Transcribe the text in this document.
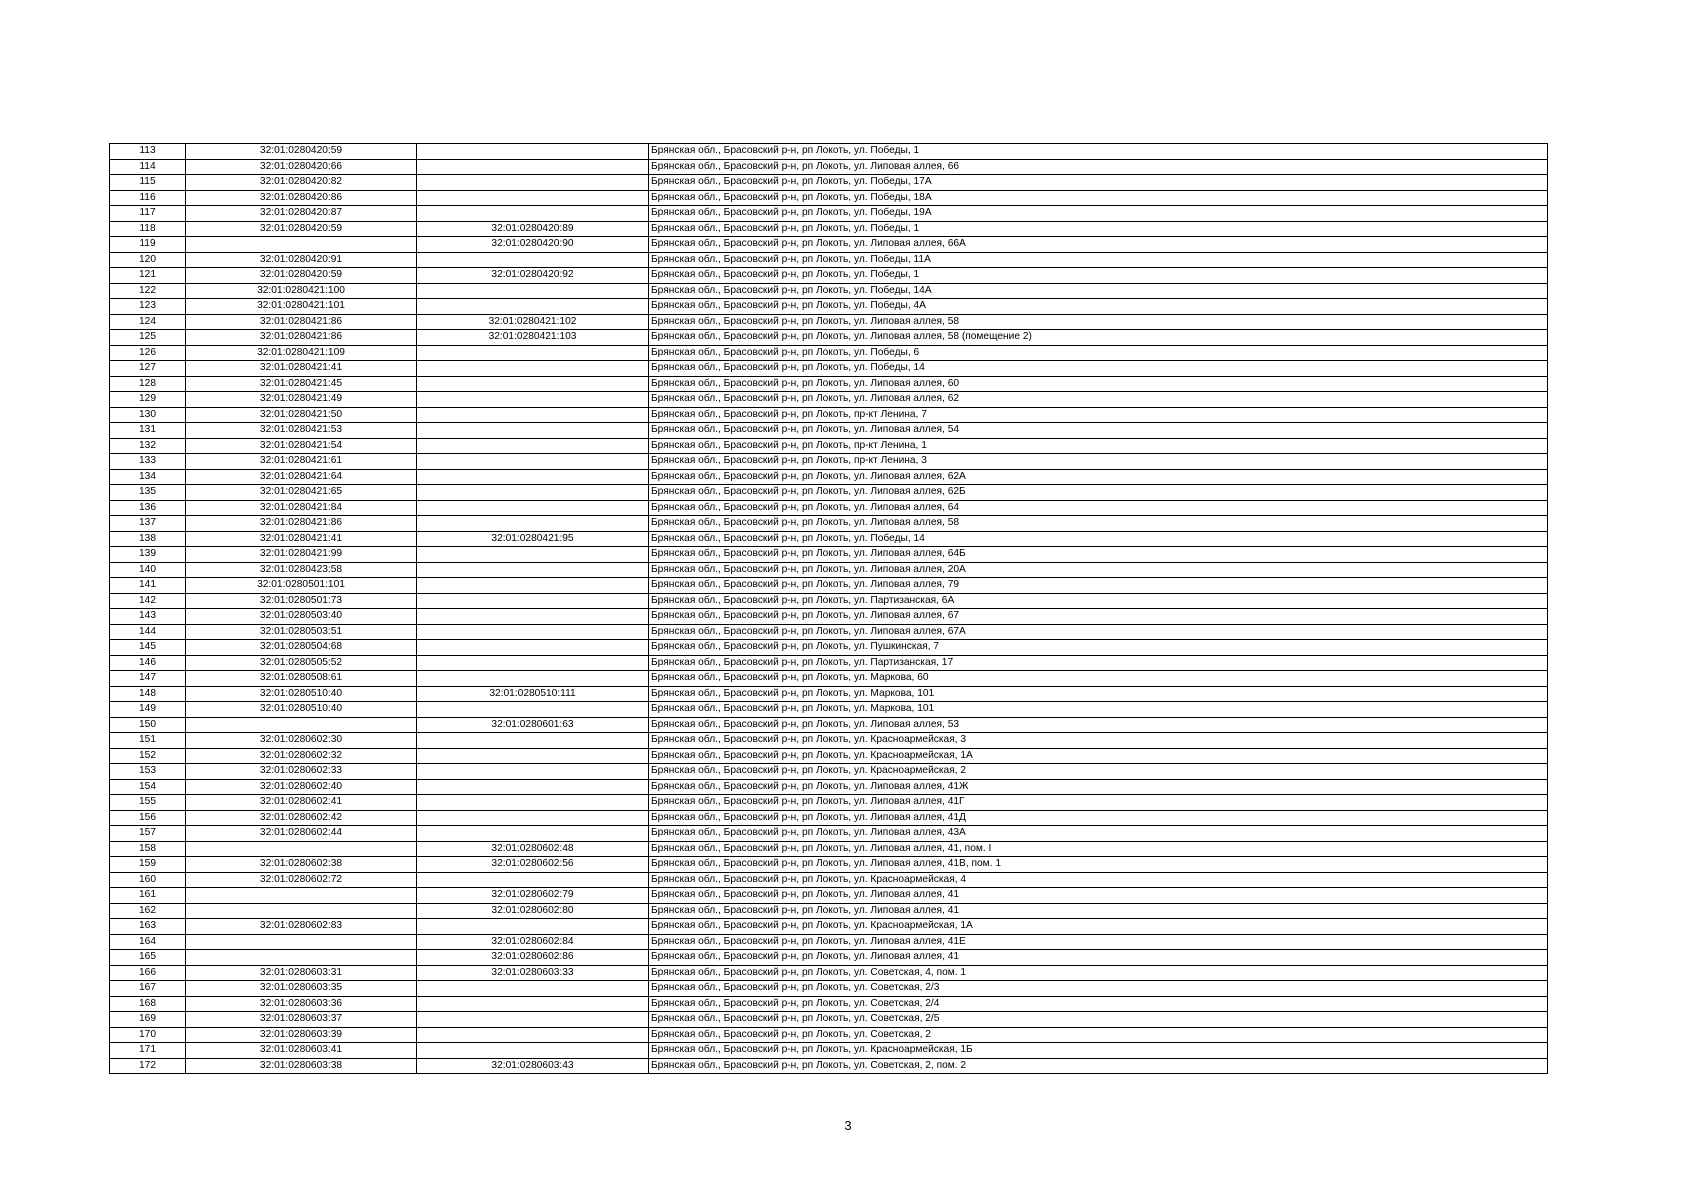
113	32:01:0280420:59		Брянская обл., Брасовский р-н, рп Локоть, ул. Победы, 1
114	32:01:0280420:66		Брянская обл., Брасовский р-н, рп Локоть, ул. Липовая аллея, 66
115	32:01:0280420:82		Брянская обл., Брасовский р-н, рп Локоть, ул. Победы, 17А
116	32:01:0280420:86		Брянская обл., Брасовский р-н, рп Локоть, ул. Победы, 18А
117	32:01:0280420:87		Брянская обл., Брасовский р-н, рп Локоть, ул. Победы, 19А
118	32:01:0280420:59	32:01:0280420:89	Брянская обл., Брасовский р-н, рп Локоть, ул. Победы, 1
119		32:01:0280420:90	Брянская обл., Брасовский р-н, рп Локоть, ул. Липовая аллея, 66А
120	32:01:0280420:91		Брянская обл., Брасовский р-н, рп Локоть, ул. Победы, 11А
121	32:01:0280420:59	32:01:0280420:92	Брянская обл., Брасовский р-н, рп Локоть, ул. Победы, 1
122	32:01:0280421:100		Брянская обл., Брасовский р-н, рп Локоть, ул. Победы, 14А
123	32:01:0280421:101		Брянская обл., Брасовский р-н, рп Локоть, ул. Победы, 4А
124	32:01:0280421:86	32:01:0280421:102	Брянская обл., Брасовский р-н, рп Локоть, ул. Липовая аллея, 58
125	32:01:0280421:86	32:01:0280421:103	Брянская обл., Брасовский р-н, рп Локоть, ул. Липовая аллея, 58 (помещение 2)
126	32:01:0280421:109		Брянская обл., Брасовский р-н, рп Локоть, ул. Победы, 6
127	32:01:0280421:41		Брянская обл., Брасовский р-н, рп Локоть, ул. Победы, 14
128	32:01:0280421:45		Брянская обл., Брасовский р-н, рп Локоть, ул. Липовая аллея, 60
129	32:01:0280421:49		Брянская обл., Брасовский р-н, рп Локоть, ул. Липовая аллея, 62
130	32:01:0280421:50		Брянская обл., Брасовский р-н, рп Локоть, пр-кт Ленина, 7
131	32:01:0280421:53		Брянская обл., Брасовский р-н, рп Локоть, ул. Липовая аллея, 54
132	32:01:0280421:54		Брянская обл., Брасовский р-н, рп Локоть, пр-кт Ленина, 1
133	32:01:0280421:61		Брянская обл., Брасовский р-н, рп Локоть, пр-кт Ленина, 3
134	32:01:0280421:64		Брянская обл., Брасовский р-н, рп Локоть, ул. Липовая аллея, 62А
135	32:01:0280421:65		Брянская обл., Брасовский р-н, рп Локоть, ул. Липовая аллея, 62Б
136	32:01:0280421:84		Брянская обл., Брасовский р-н, рп Локоть, ул. Липовая аллея, 64
137	32:01:0280421:86		Брянская обл., Брасовский р-н, рп Локоть, ул. Липовая аллея, 58
138	32:01:0280421:41	32:01:0280421:95	Брянская обл., Брасовский р-н, рп Локоть, ул. Победы, 14
139	32:01:0280421:99		Брянская обл., Брасовский р-н, рп Локоть, ул. Липовая аллея, 64Б
140	32:01:0280423:58		Брянская обл., Брасовский р-н, рп Локоть, ул. Липовая аллея, 20А
141	32:01:0280501:101		Брянская обл., Брасовский р-н, рп Локоть, ул. Липовая аллея, 79
142	32:01:0280501:73		Брянская обл., Брасовский р-н, рп Локоть, ул. Партизанская, 6А
143	32:01:0280503:40		Брянская обл., Брасовский р-н, рп Локоть, ул. Липовая аллея, 67
144	32:01:0280503:51		Брянская обл., Брасовский р-н, рп Локоть, ул. Липовая аллея, 67А
145	32:01:0280504:68		Брянская обл., Брасовский р-н, рп Локоть, ул. Пушкинская, 7
146	32:01:0280505:52		Брянская обл., Брасовский р-н, рп Локоть, ул. Партизанская, 17
147	32:01:0280508:61		Брянская обл., Брасовский р-н, рп Локоть, ул. Маркова, 60
148	32:01:0280510:40	32:01:0280510:111	Брянская обл., Брасовский р-н, рп Локоть, ул. Маркова, 101
149	32:01:0280510:40		Брянская обл., Брасовский р-н, рп Локоть, ул. Маркова, 101
150		32:01:0280601:63	Брянская обл., Брасовский р-н, рп Локоть, ул. Липовая аллея, 53
151	32:01:0280602:30		Брянская обл., Брасовский р-н, рп Локоть, ул. Красноармейская, 3
152	32:01:0280602:32		Брянская обл., Брасовский р-н, рп Локоть, ул. Красноармейская, 1А
153	32:01:0280602:33		Брянская обл., Брасовский р-н, рп Локоть, ул. Красноармейская, 2
154	32:01:0280602:40		Брянская обл., Брасовский р-н, рп Локоть, ул. Липовая аллея, 41Ж
155	32:01:0280602:41		Брянская обл., Брасовский р-н, рп Локоть, ул. Липовая аллея, 41Г
156	32:01:0280602:42		Брянская обл., Брасовский р-н, рп Локоть, ул. Липовая аллея, 41Д
157	32:01:0280602:44		Брянская обл., Брасовский р-н, рп Локоть, ул. Липовая аллея, 43А
158		32:01:0280602:48	Брянская обл., Брасовский р-н, рп Локоть, ул. Липовая аллея, 41, пом. I
159	32:01:0280602:38	32:01:0280602:56	Брянская обл., Брасовский р-н, рп Локоть, ул. Липовая аллея, 41В, пом. 1
160	32:01:0280602:72		Брянская обл., Брасовский р-н, рп Локоть, ул. Красноармейская, 4
161		32:01:0280602:79	Брянская обл., Брасовский р-н, рп Локоть, ул. Липовая аллея, 41
162		32:01:0280602:80	Брянская обл., Брасовский р-н, рп Локоть, ул. Липовая аллея, 41
163	32:01:0280602:83		Брянская обл., Брасовский р-н, рп Локоть, ул. Красноармейская, 1А
164		32:01:0280602:84	Брянская обл., Брасовский р-н, рп Локоть, ул. Липовая аллея, 41Е
165		32:01:0280602:86	Брянская обл., Брасовский р-н, рп Локоть, ул. Липовая аллея, 41
166	32:01:0280603:31	32:01:0280603:33	Брянская обл., Брасовский р-н, рп Локоть, ул. Советская, 4, пом. 1
167	32:01:0280603:35		Брянская обл., Брасовский р-н, рп Локоть, ул. Советская, 2/3
168	32:01:0280603:36		Брянская обл., Брасовский р-н, рп Локоть, ул. Советская, 2/4
169	32:01:0280603:37		Брянская обл., Брасовский р-н, рп Локоть, ул. Советская, 2/5
170	32:01:0280603:39		Брянская обл., Брасовский р-н, рп Локоть, ул. Советская, 2
171	32:01:0280603:41		Брянская обл., Брасовский р-н, рп Локоть, ул. Красноармейская, 1Б
172	32:01:0280603:38	32:01:0280603:43	Брянская обл., Брасовский р-н, рп Локоть, ул. Советская, 2, пом. 2
3
